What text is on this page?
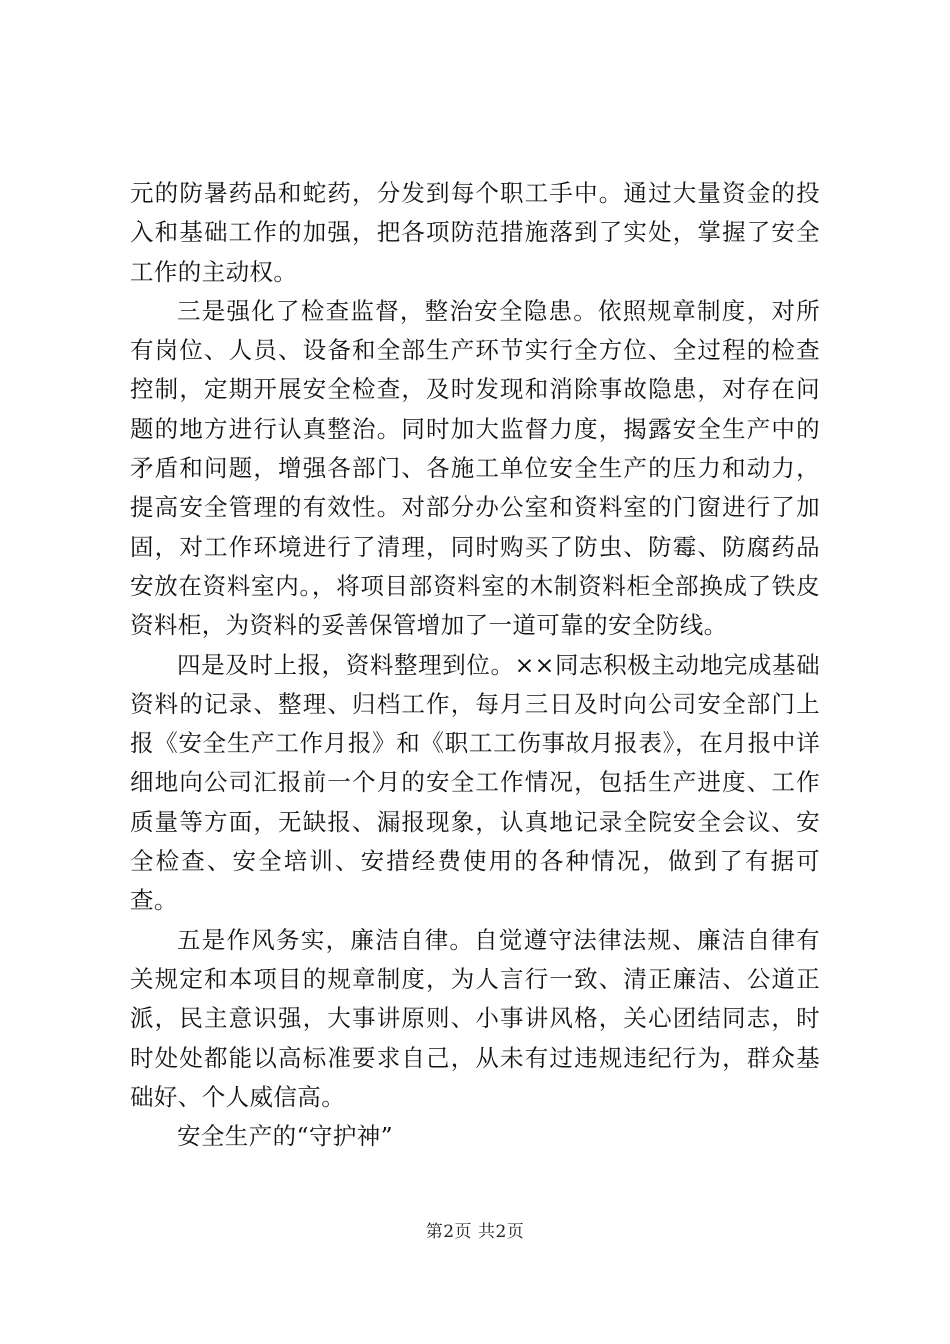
元的防暑药品和蛇药，分发到每个职工手中。通过大量资金的投入和基础工作的加强，把各项防范措施落到了实处，掌握了安全工作的主动权。

三是强化了检查监督，整治安全隐患。依照规章制度，对所有岗位、人员、设备和全部生产环节实行全方位、全过程的检查控制，定期开展安全检查，及时发现和消除事故隐患，对存在问题的地方进行认真整治。同时加大监督力度，揭露安全生产中的矛盾和问题，增强各部门、各施工单位安全生产的压力和动力，提高安全管理的有效性。对部分办公室和资料室的门窗进行了加固，对工作环境进行了清理，同时购买了防虫、防霉、防腐药品安放在资料室内。，将项目部资料室的木制资料柜全部换成了铁皮资料柜，为资料的妥善保管增加了一道可靠的安全防线。

四是及时上报，资料整理到位。××同志积极主动地完成基础资料的记录、整理、归档工作，每月三日及时向公司安全部门上报《安全生产工作月报》和《职工工伤事故月报表》，在月报中详细地向公司汇报前一个月的安全工作情况，包括生产进度、工作质量等方面，无缺报、漏报现象，认真地记录全院安全会议、安全检查、安全培训、安措经费使用的各种情况，做到了有据可查。

五是作风务实，廉洁自律。自觉遵守法律法规、廉洁自律有关规定和本项目的规章制度，为人言行一致、清正廉洁、公道正派，民主意识强，大事讲原则、小事讲风格，关心团结同志，时时处处都能以高标准要求自己，从未有过违规违纪行为，群众基础好、个人威信高。

安全生产的“守护神”

第2页 共2页
